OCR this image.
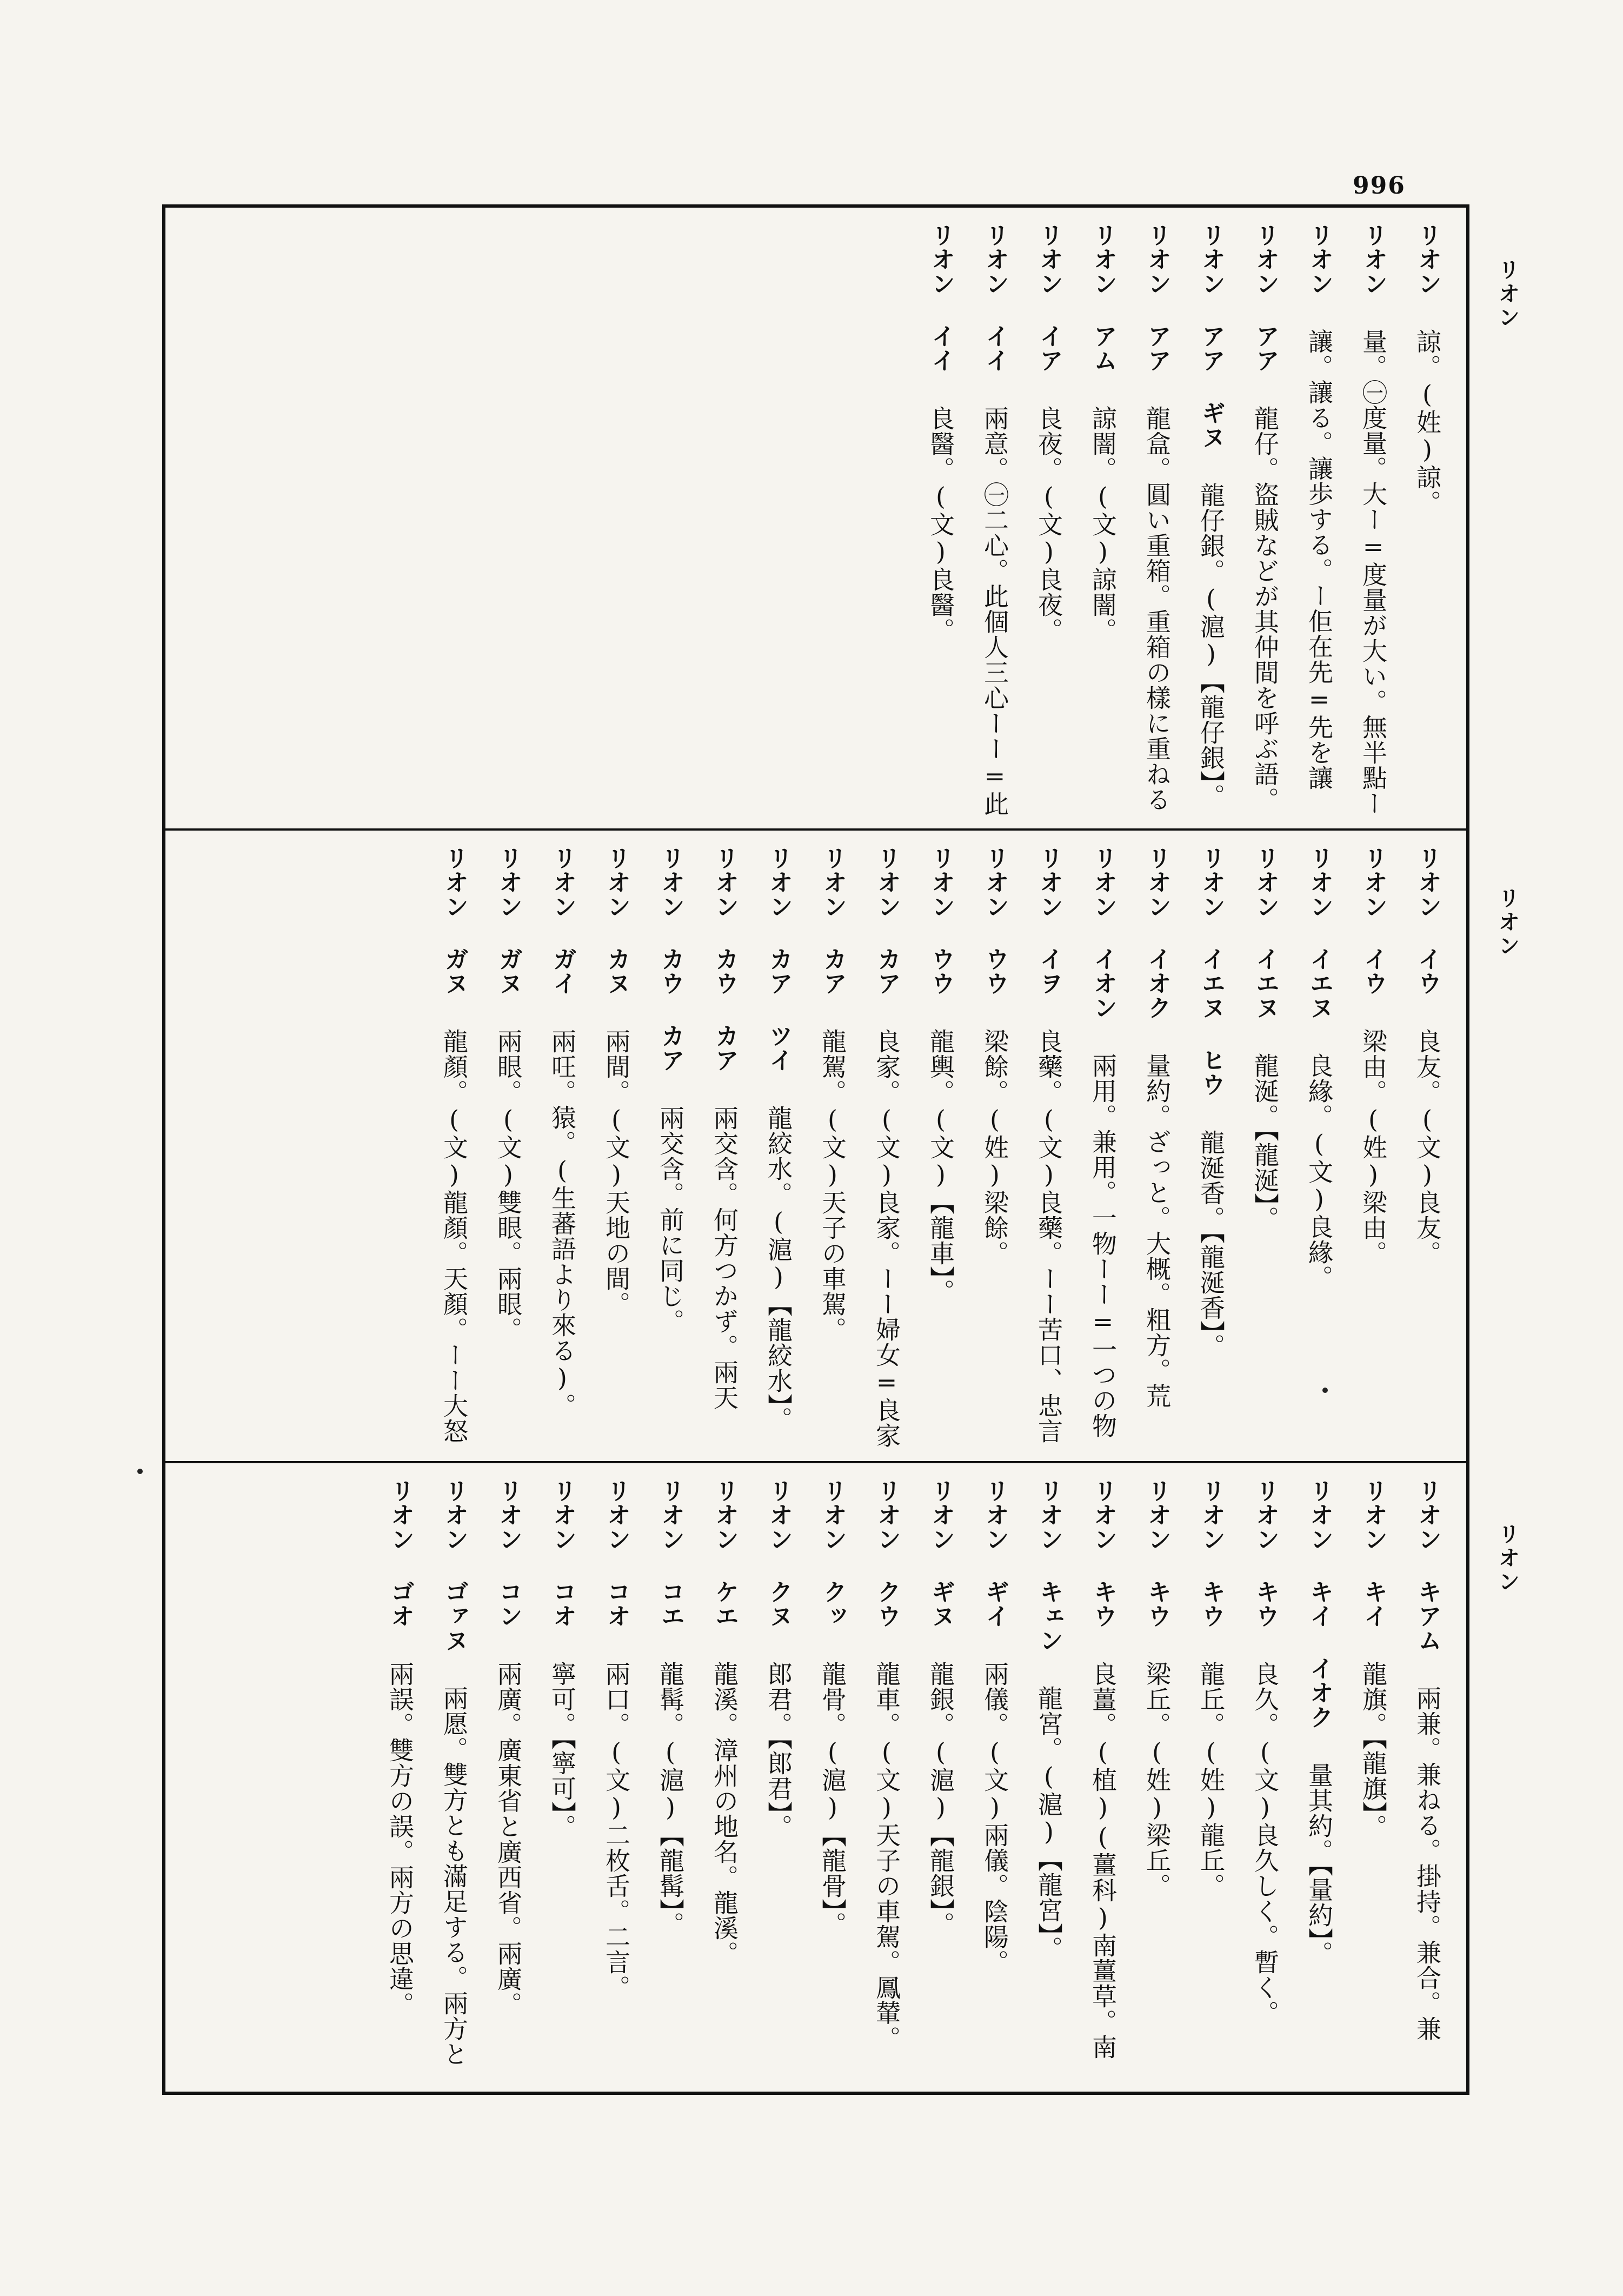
996
リオン
リオン
リオン
リオン　諒。(姓)諒。
リオン　量。㊀度量。大ー=度量が大い。無半點ー
リオン　讓。讓る。讓歩する。ー佢在先=先を讓
リオン アア　龍仔。盜賊などが其仲間を呼ぶ語。
リオン アア ギヌ　龍仔銀。(滬)【龍仔銀】。
リオン アア　龍盒。圓い重箱。重箱の樣に重ねる
リオン アム　諒闇。(文)諒闇。
リオン イア　良夜。(文)良夜。
リオン イイ　兩意。㊀二心。此個人三心ーー=此
リオン イイ　良醫。(文)良醫。
リオン イウ　良友。(文)良友。
リオン イウ　梁由。(姓)梁由。
リオン イエヌ　良緣。(文)良緣。
リオン イエヌ　龍涎。【龍涎】。
リオン イエヌ ヒウ　龍涎香。【龍涎香】。
リオン イオク　量約。ざっと。大概。粗方。荒
リオン イオン　兩用。兼用。一物ーー=一つの物
リオン イヲ　良藥。(文)良藥。ーー苦口、忠言
リオン ウウ　梁餘。(姓)梁餘。
リオン ウウ　龍輿。(文)【龍車】。
リオン カア　良家。(文)良家。ーー婦女=良家
リオン カア　龍駕。(文)天子の車駕。
リオン カア ツイ　龍絞水。(滬)【龍絞水】。
リオン カウ カア　兩交含。何方つかず。兩天
リオン カウ カア　兩交含。前に同じ。
リオン カヌ　兩間。(文)天地の間。
リオン ガイ　兩㕵。猿。(生蕃語より來る)。
リオン ガヌ　兩眼。(文)雙眼。兩眼。
リオン ガヌ　龍顏。(文)龍顏。天顏。ーー大怒
リオン キアム　兩兼。兼ねる。掛持。兼合。兼
リオン キイ　龍旗。【龍旗】。
リオン キイ イオク　量其約。【量約】。
リオン キウ　良久。(文)良久しく。暫く。
リオン キウ　龍丘。(姓)龍丘。
リオン キウ　梁丘。(姓)梁丘。
リオン キウ　良薑。(植)(薑科)南薑草。南
リオン キェン　龍宮。(滬)【龍宮】。
リオン ギイ　兩儀。(文)兩儀。陰陽。
リオン ギヌ　龍銀。(滬)【龍銀】。
リオン クウ　龍車。(文)天子の車駕。鳳輦。
リオン クッ　龍骨。(滬)【龍骨】。
リオン クヌ　郎君。【郎君】。
リオン ケエ　龍溪。漳州の地名。龍溪。
リオン コエ　龍髯。(滬)【龍髯】。
リオン コオ　兩口。(文)二枚舌。二言。
リオン コオ　寧可。【寧可】。
リオン コン　兩廣。廣東省と廣西省。兩廣。
リオン ゴァヌ　兩愿。雙方とも滿足する。兩方と
リオン ゴオ　兩誤。雙方の誤。兩方の思違。
